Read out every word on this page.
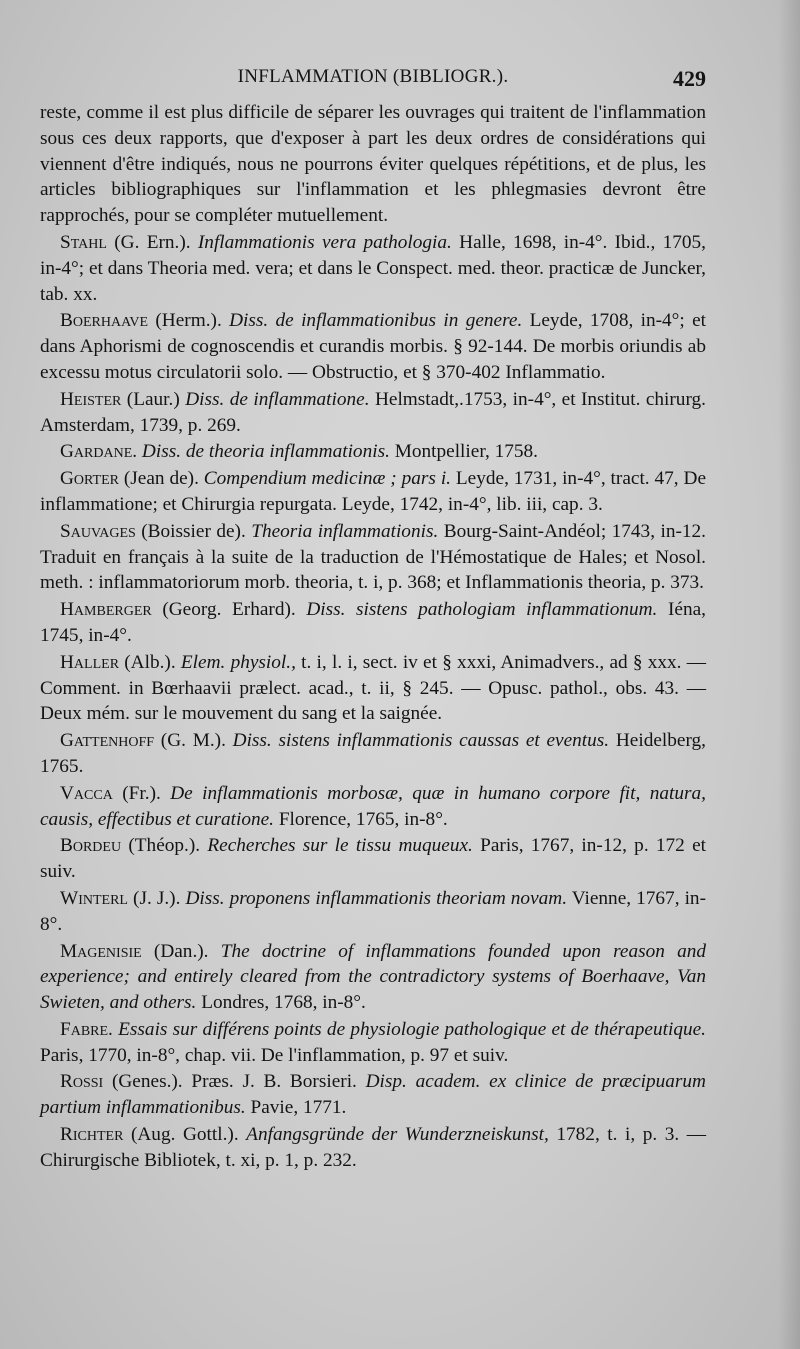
INFLAMMATION (BIBLIOGR.).	429

reste, comme il est plus difficile de séparer les ouvrages qui traitent de l'inflammation sous ces deux rapports, que d'exposer à part les deux ordres de considérations qui viennent d'être indiqués, nous ne pourrons éviter quelques répétitions, et de plus, les articles bibliographiques sur l'inflammation et les phlegmasies devront être rapprochés, pour se compléter mutuellement.

Stahl (G. Ern.). Inflammationis vera pathologia. Halle, 1698, in-4°. Ibid., 1705, in-4°; et dans Theoria med. vera; et dans le Conspect. med. theor. practicæ de Juncker, tab. xx.

Boerhaave (Herm.). Diss. de inflammationibus in genere. Leyde, 1708, in-4°; et dans Aphorismi de cognoscendis et curandis morbis. § 92-144. De morbis oriundis ab excessu motus circulatorii solo. — Obstructio, et § 370-402 Inflammatio.

Heister (Laur.) Diss. de inflammatione. Helmstadt,.1753, in-4°, et Institut. chirurg. Amsterdam, 1739, p. 269.

Gardane. Diss. de theoria inflammationis. Montpellier, 1758.

Gorter (Jean de). Compendium medicinæ ; pars i. Leyde, 1731, in-4°, tract. 47, De inflammatione; et Chirurgia repurgata. Leyde, 1742, in-4°, lib. iii, cap. 3.

Sauvages (Boissier de). Theoria inflammationis. Bourg-Saint-Andéol; 1743, in-12. Traduit en français à la suite de la traduction de l'Hémostatique de Hales; et Nosol. meth. : inflammatoriorum morb. theoria, t. i, p. 368; et Inflammationis theoria, p. 373.

Hamberger (Georg. Erhard). Diss. sistens pathologiam inflammationum. Iéna, 1745, in-4°.

Haller (Alb.). Elem. physiol., t. i, l. i, sect. iv et § xxxi, Animadvers., ad § xxx. — Comment. in Bœrhaavii prælect. acad., t. ii, § 245. — Opusc. pathol., obs. 43. — Deux mém. sur le mouvement du sang et la saignée.

Gattenhoff (G. M.). Diss. sistens inflammationis caussas et eventus. Heidelberg, 1765.

Vacca (Fr.). De inflammationis morbosæ, quæ in humano corpore fit, natura, causis, effectibus et curatione. Florence, 1765, in-8°.

Bordeu (Théop.). Recherches sur le tissu muqueux. Paris, 1767, in-12, p. 172 et suiv.

Winterl (J. J.). Diss. proponens inflammationis theoriam novam. Vienne, 1767, in-8°.

Magenisie (Dan.). The doctrine of inflammations founded upon reason and experience; and entirely cleared from the contradictory systems of Boerhaave, Van Swieten, and others. Londres, 1768, in-8°.

Fabre. Essais sur différens points de physiologie pathologique et de thérapeutique. Paris, 1770, in-8°, chap. vii. De l'inflammation, p. 97 et suiv.

Rossi (Genes.). Præs. J. B. Borsieri. Disp. academ. ex clinice de præcipuarum partium inflammationibus. Pavie, 1771.

Richter (Aug. Gottl.). Anfangsgründe der Wunderzneiskunst, 1782, t. i, p. 3. — Chirurgische Bibliotek, t. xi, p. 1, p. 232.
